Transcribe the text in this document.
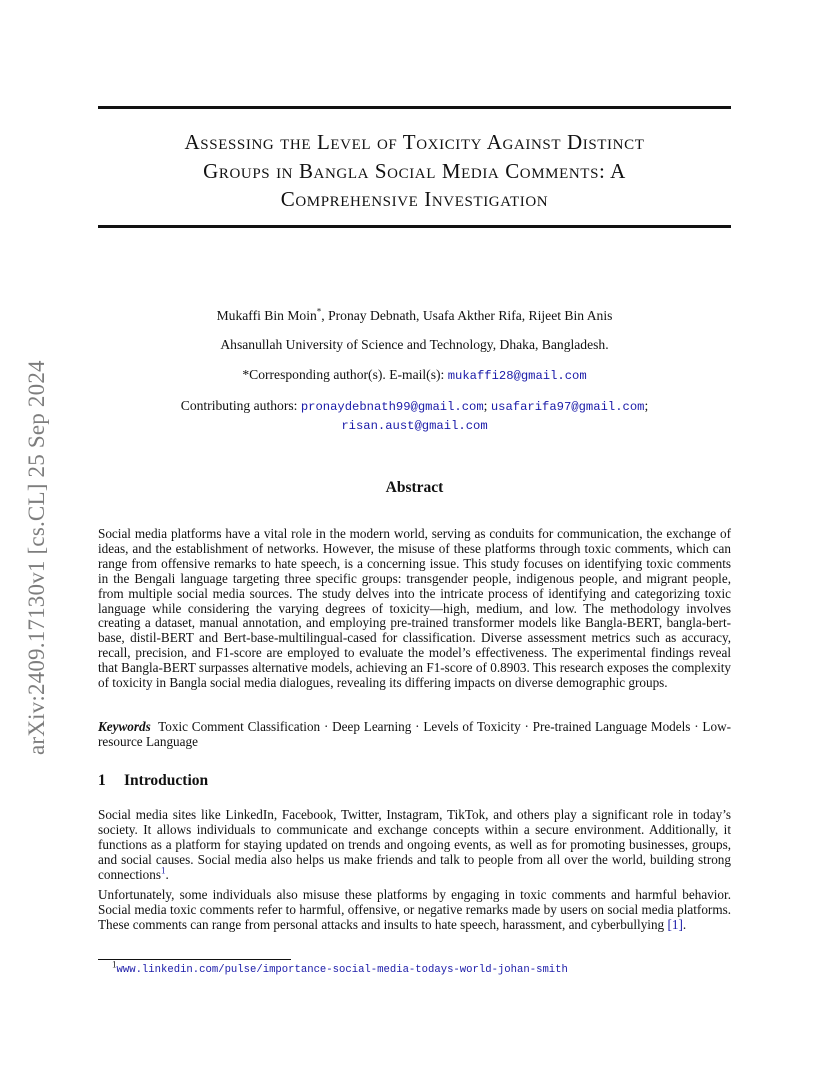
arXiv:2409.17130v1 [cs.CL] 25 Sep 2024
Assessing the Level of Toxicity Against Distinct
Groups in Bangla Social Media Comments: A
Comprehensive Investigation
Mukaffi Bin Moin*, Pronay Debnath, Usafa Akther Rifa, Rijeet Bin Anis
Ahsanullah University of Science and Technology, Dhaka, Bangladesh.
*Corresponding author(s). E-mail(s): mukaffi28@gmail.com
Contributing authors: pronaydebnath99@gmail.com; usafarifa97@gmail.com;
risan.aust@gmail.com
Abstract

Social media platforms have a vital role in the modern world, serving as conduits for communication, the exchange of ideas, and the establishment of networks. However, the misuse of these platforms through toxic comments, which can range from offensive remarks to hate speech, is a concerning issue. This study focuses on identifying toxic comments in the Bengali language targeting three specific groups: transgender people, indigenous people, and migrant people, from multiple social media sources. The study delves into the intricate process of identifying and categorizing toxic language while considering the varying degrees of toxicity—high, medium, and low. The methodology involves creating a dataset, manual annotation, and employing pre-trained transformer models like Bangla-BERT, bangla-bert-base, distil-BERT and Bert-base-multilingual-cased for classification. Diverse assessment metrics such as accuracy, recall, precision, and F1-score are employed to evaluate the model’s effectiveness. The experimental findings reveal that Bangla-BERT surpasses alternative models, achieving an F1-score of 0.8903. This research exposes the complexity of toxicity in Bangla social media dialogues, revealing its differing impacts on diverse demographic groups.

Keywords Toxic Comment Classification · Deep Learning · Levels of Toxicity · Pre-trained Language Models · Low-resource Language

1 Introduction

Social media sites like LinkedIn, Facebook, Twitter, Instagram, TikTok, and others play a significant role in today’s society. It allows individuals to communicate and exchange concepts within a secure environment. Additionally, it functions as a platform for staying updated on trends and ongoing events, as well as for promoting businesses, groups, and social causes. Social media also helps us make friends and talk to people from all over the world, building strong connections$^1$.

Unfortunately, some individuals also misuse these platforms by engaging in toxic comments and harmful behavior. Social media toxic comments refer to harmful, offensive, or negative remarks made by users on social media platforms. These comments can range from personal attacks and insults to hate speech, harassment, and cyberbullying [1].

$^1$www.linkedin.com/pulse/importance-social-media-todays-world-johan-smith
